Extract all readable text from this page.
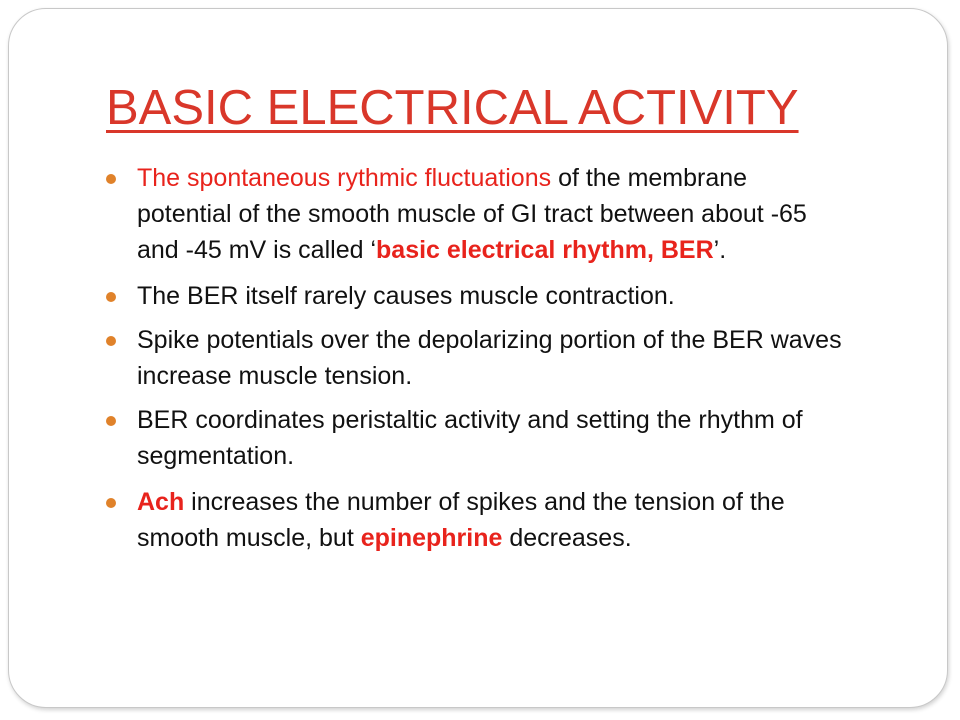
BASIC ELECTRICAL ACTIVITY
The spontaneous rythmic fluctuations of the membrane potential of the smooth muscle of GI tract between about -65 and -45 mV is called ‘basic electrical rhythm, BER’.
The BER itself rarely causes muscle contraction.
Spike potentials over the depolarizing portion of the BER waves increase muscle tension.
BER coordinates peristaltic activity and setting the rhythm of segmentation.
Ach increases the number of spikes and the tension of the smooth muscle, but epinephrine decreases.
